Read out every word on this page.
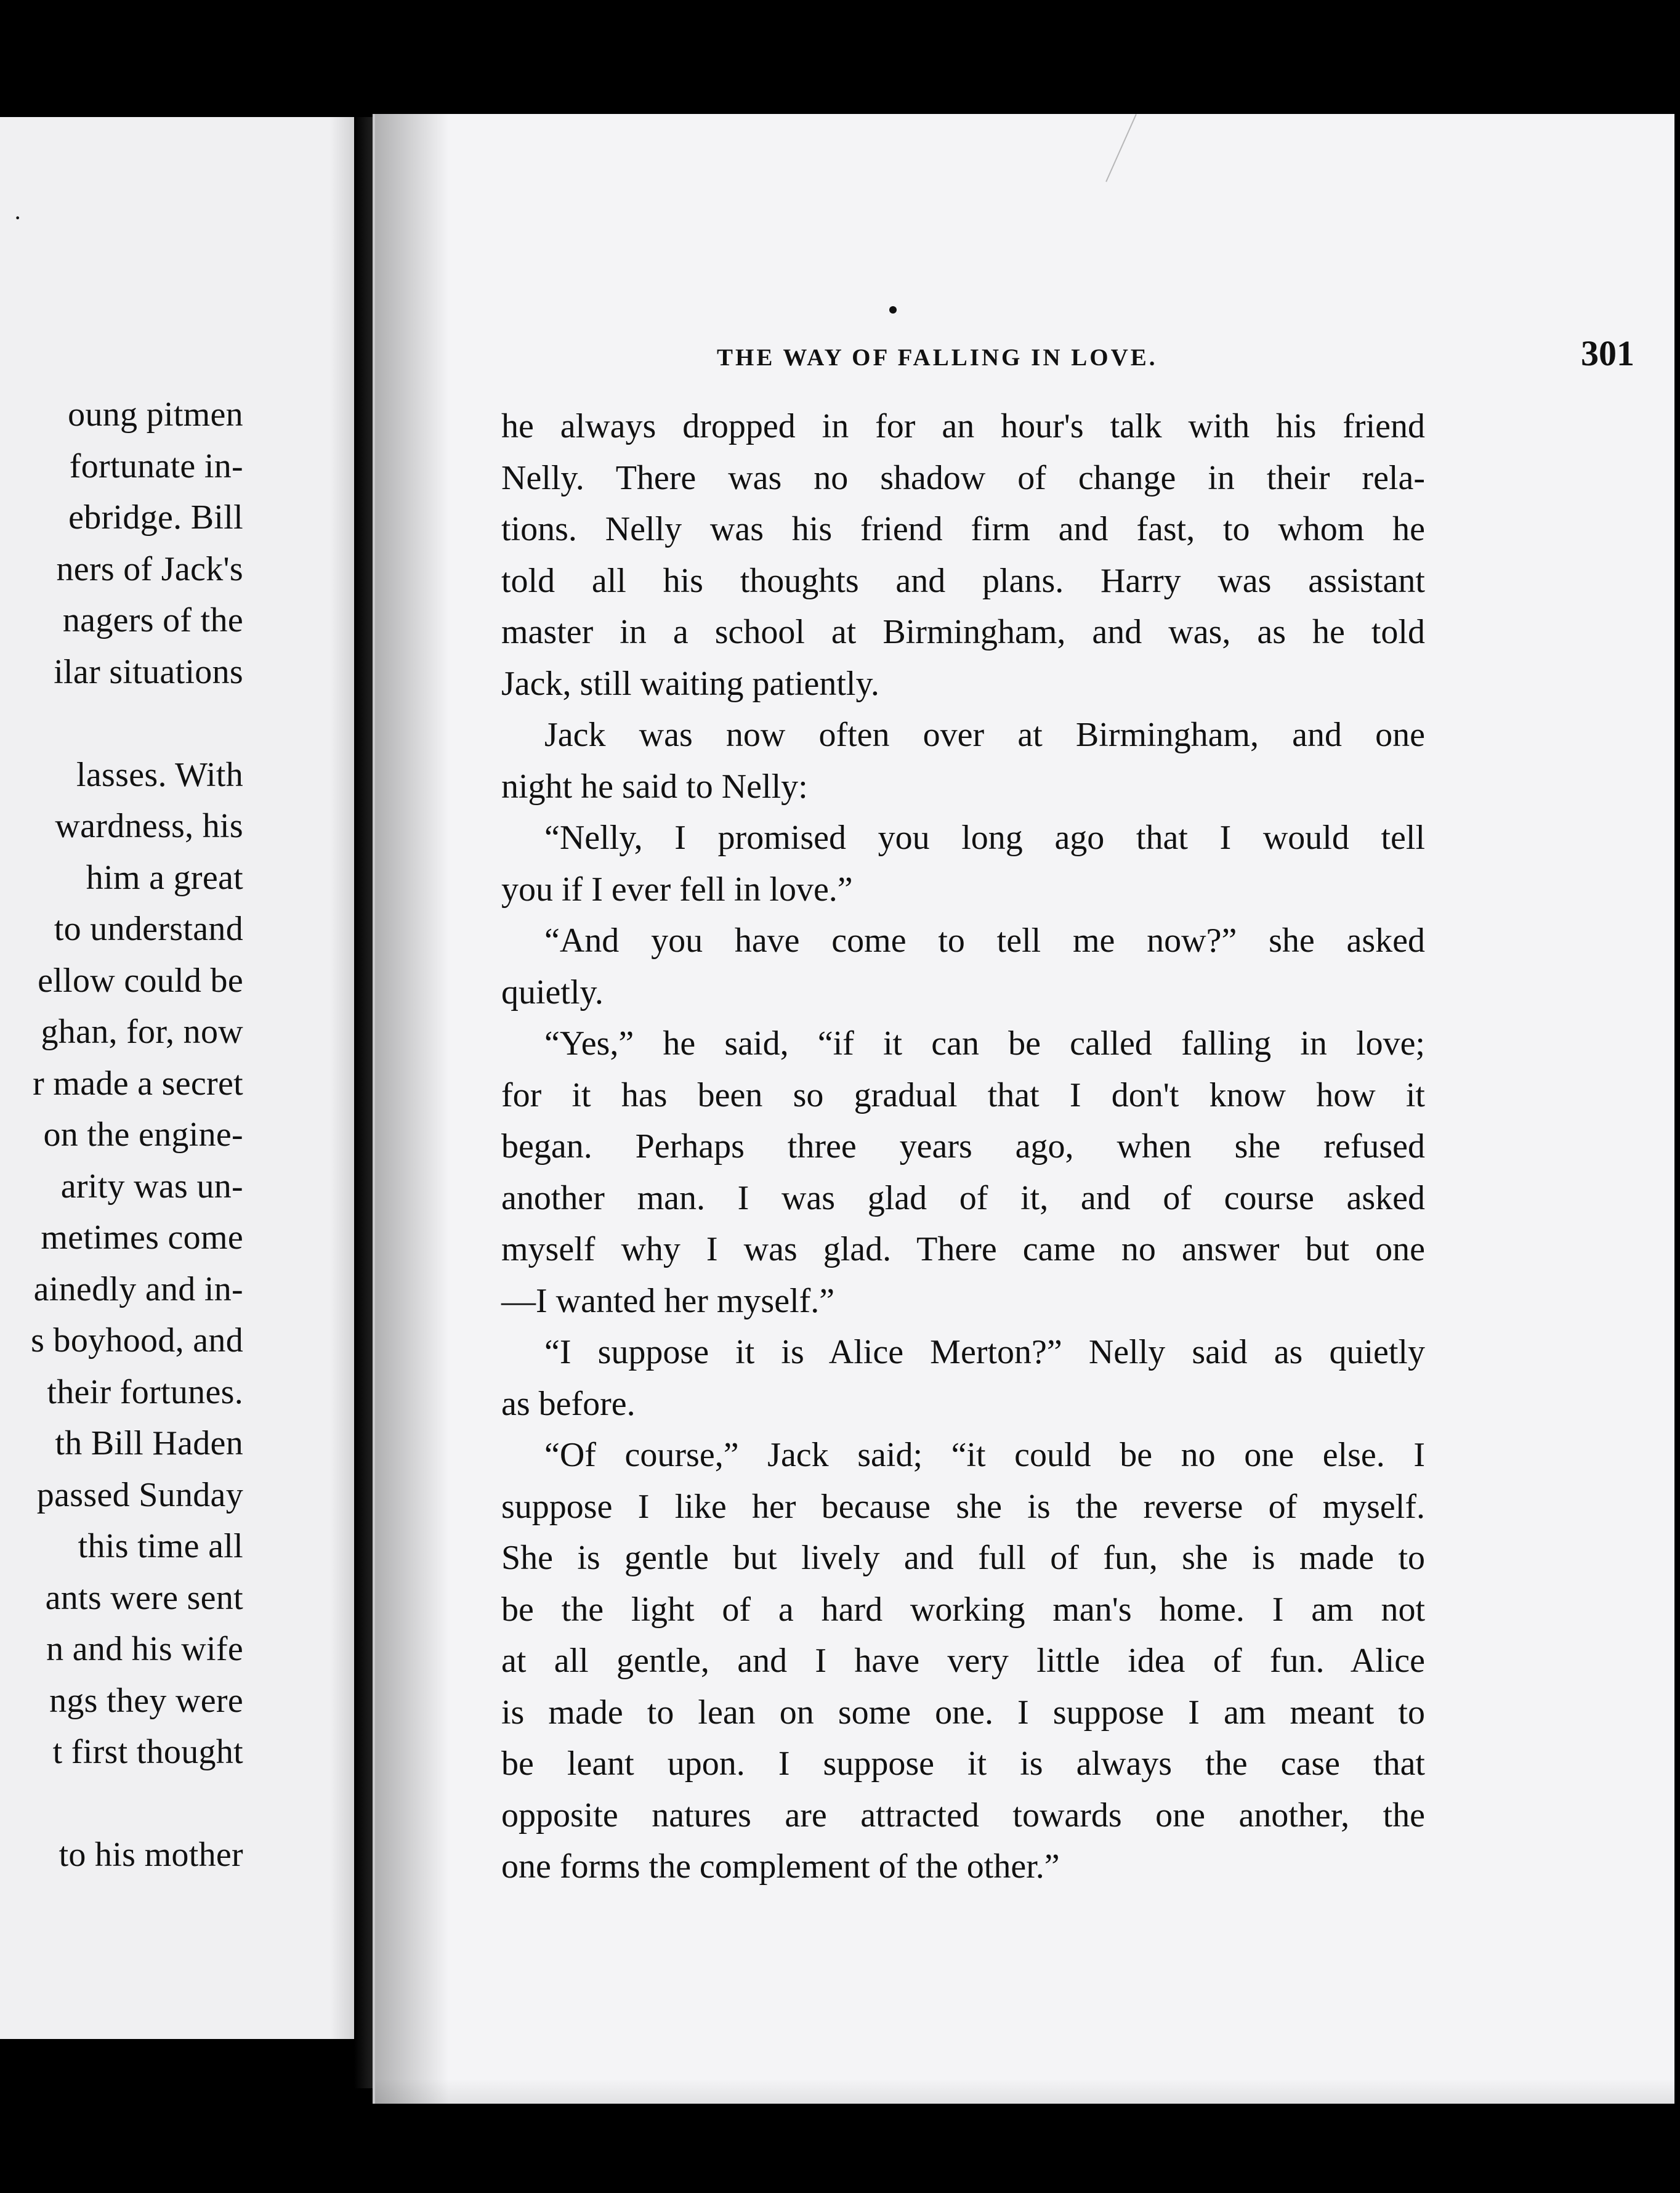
·
oung pitmen
fortunate in-
ebridge. Bill
ners of Jack's
nagers of the
ilar situations
lasses. With
wardness, his
him a great
to understand
ellow could be
ghan, for, now
r made a secret
on the engine-
arity was un-
metimes come
ainedly and in-
s boyhood, and
their fortunes.
th Bill Haden
passed Sunday
this time all
ants were sent
n and his wife
ngs they were
t first thought
to his mother
THE WAY OF FALLING IN LOVE.	301
he always dropped in for an hour's talk with his friend
Nelly. There was no shadow of change in their rela-
tions. Nelly was his friend firm and fast, to whom he
told all his thoughts and plans. Harry was assistant
master in a school at Birmingham, and was, as he told
Jack, still waiting patiently.
Jack was now often over at Birmingham, and one
night he said to Nelly:
“Nelly, I promised you long ago that I would tell
you if I ever fell in love.”
“And you have come to tell me now?” she asked
quietly.
“Yes,” he said, “if it can be called falling in love;
for it has been so gradual that I don't know how it
began. Perhaps three years ago, when she refused
another man. I was glad of it, and of course asked
myself why I was glad. There came no answer but one
—I wanted her myself.”
“I suppose it is Alice Merton?” Nelly said as quietly
as before.
“Of course,” Jack said; “it could be no one else. I
suppose I like her because she is the reverse of myself.
She is gentle but lively and full of fun, she is made to
be the light of a hard working man's home. I am not
at all gentle, and I have very little idea of fun. Alice
is made to lean on some one. I suppose I am meant to
be leant upon. I suppose it is always the case that
opposite natures are attracted towards one another, the
one forms the complement of the other.”
